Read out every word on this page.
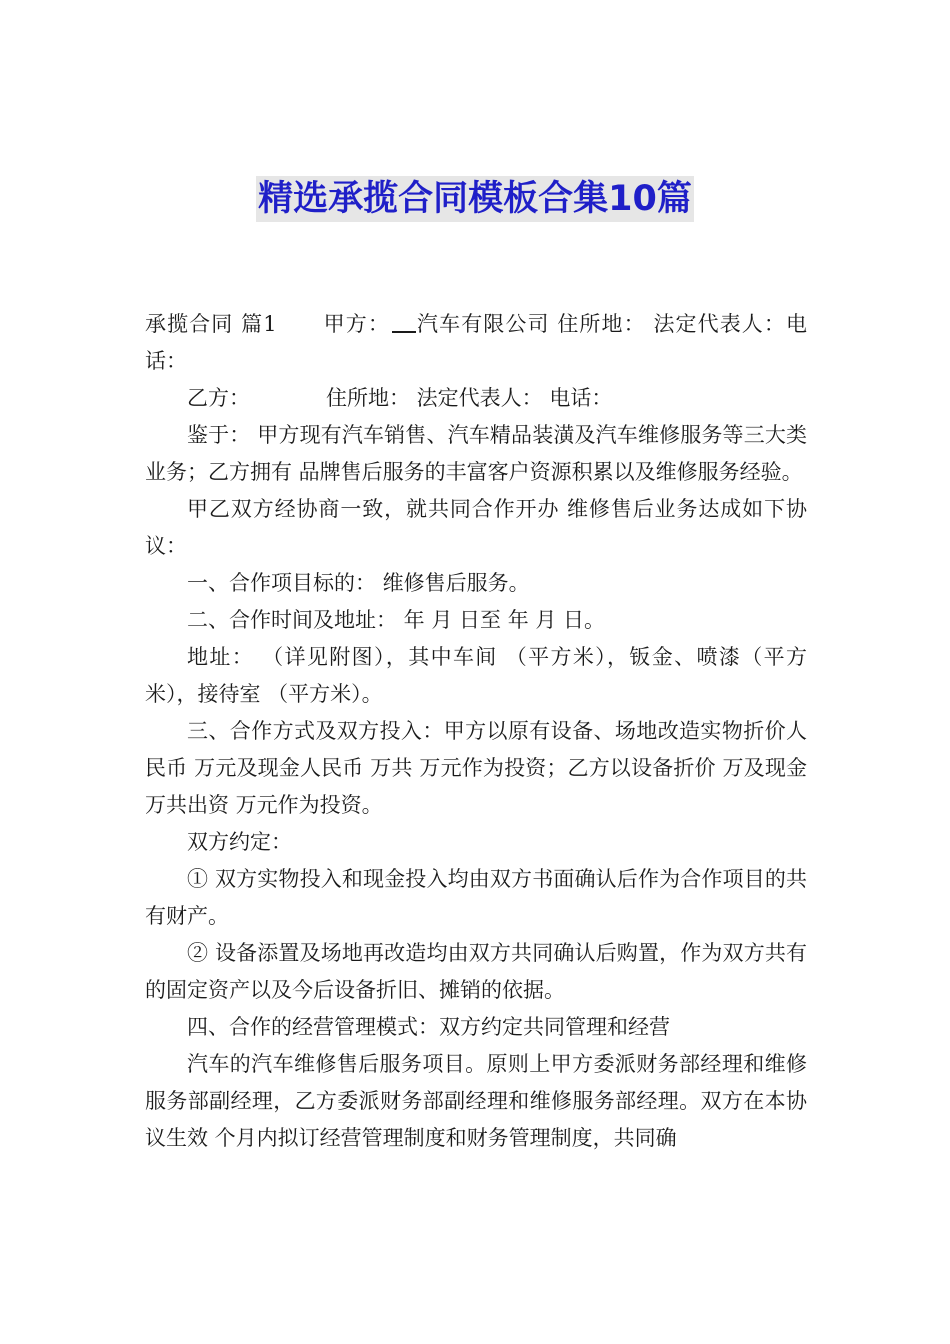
精选承揽合同模板合集10篇

承揽合同 篇1 甲方： 汽车有限公司 住所地： 法定代表人：电话：

乙方：	住所地： 法定代表人： 电话：

鉴于： 甲方现有汽车销售、汽车精品装潢及汽车维修服务等三大类业务；乙方拥有 品牌售后服务的丰富客户资源积累以及维修服务经验。

甲乙双方经协商一致，就共同合作开办 维修售后业务达成如下协议：

一、合作项目标的： 维修售后服务。

二、合作时间及地址： 年 月 日至 年 月 日。

地址： （详见附图），其中车间 （平方米），钣金、喷漆（平方米），接待室 （平方米）。

三、合作方式及双方投入：甲方以原有设备、场地改造实物折价人民币 万元及现金人民币 万共 万元作为投资；乙方以设备折价 万及现金 万共出资 万元作为投资。

双方约定：

① 双方实物投入和现金投入均由双方书面确认后作为合作项目的共有财产。

② 设备添置及场地再改造均由双方共同确认后购置，作为双方共有的固定资产以及今后设备折旧、摊销的依据。

四、合作的经营管理模式：双方约定共同管理和经营

汽车的汽车维修售后服务项目。原则上甲方委派财务部经理和维修服务部副经理，乙方委派财务部副经理和维修服务部经理。双方在本协议生效 个月内拟订经营管理制度和财务管理制度，共同确
